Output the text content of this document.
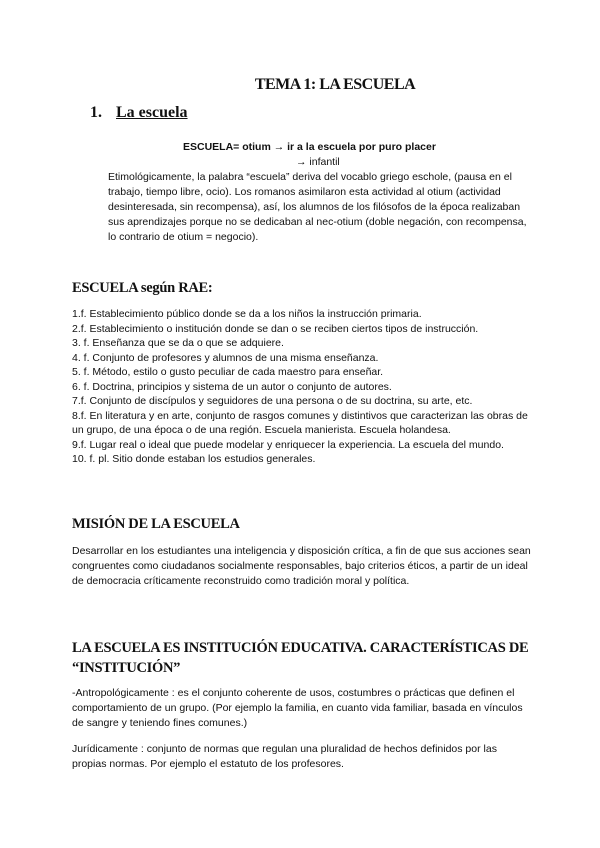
TEMA 1: LA ESCUELA
1. La escuela
ESCUELA= otium → ir a la escuela por puro placer
→ infantil
Etimológicamente, la palabra “escuela” deriva del vocablo griego eschole, (pausa en el trabajo, tiempo libre, ocio). Los romanos asimilaron esta actividad al otium (actividad desinteresada, sin recompensa), así, los alumnos de los filósofos de la época realizaban sus aprendizajes porque no se dedicaban al nec-otium (doble negación, con recompensa, lo contrario de otium = negocio).
ESCUELA según RAE:
1.f. Establecimiento público donde se da a los niños la instrucción primaria.
2.f. Establecimiento o institución donde se dan o se reciben ciertos tipos de instrucción.
3. f. Enseñanza que se da o que se adquiere.
4. f. Conjunto de profesores y alumnos de una misma enseñanza.
5. f. Método, estilo o gusto peculiar de cada maestro para enseñar.
6. f. Doctrina, principios y sistema de un autor o conjunto de autores.
7.f. Conjunto de discípulos y seguidores de una persona o de su doctrina, su arte, etc.
8.f. En literatura y en arte, conjunto de rasgos comunes y distintivos que caracterizan las obras de un grupo, de una época o de una región. Escuela manierista. Escuela holandesa.
9.f. Lugar real o ideal que puede modelar y enriquecer la experiencia. La escuela del mundo.
10. f. pl. Sitio donde estaban los estudios generales.
MISIÓN DE LA ESCUELA
Desarrollar en los estudiantes una inteligencia y disposición crítica, a fin de que sus acciones sean congruentes como ciudadanos socialmente responsables, bajo criterios éticos, a partir de un ideal de democracia críticamente reconstruido como tradición moral y política.
LA ESCUELA ES INSTITUCIÓN EDUCATIVA. CARACTERÍSTICAS DE “INSTITUCIÓN”
-Antropológicamente : es el conjunto coherente de usos, costumbres o prácticas que definen el comportamiento de un grupo. (Por ejemplo la familia, en cuanto vida familiar, basada en vínculos de sangre y teniendo fines comunes.)
Jurídicamente : conjunto de normas que regulan una pluralidad de hechos definidos por las propias normas. Por ejemplo el estatuto de los profesores.
